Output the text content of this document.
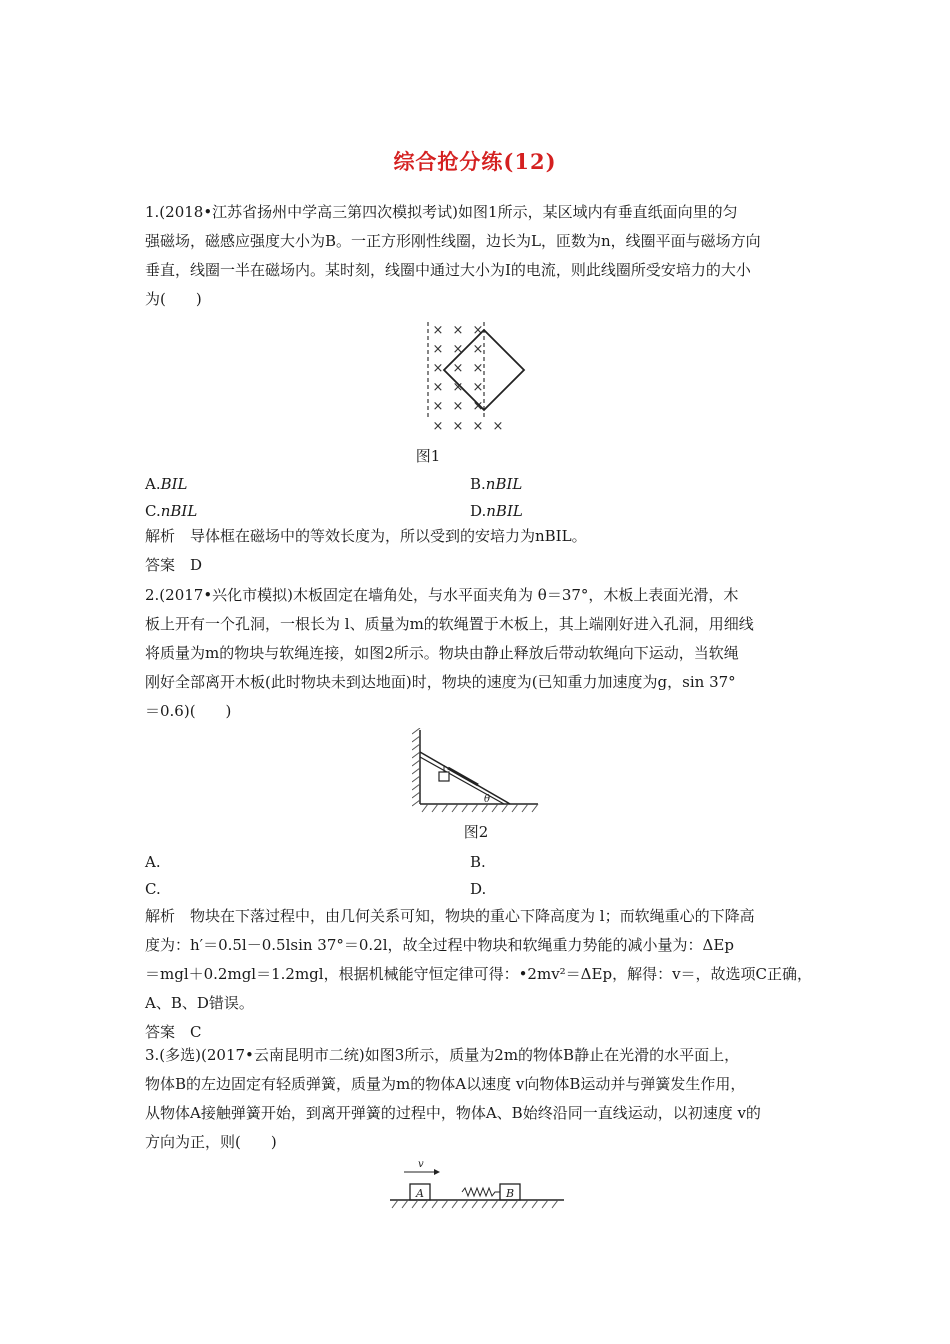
综合抢分练(12)
1.(2018•江苏省扬州中学高三第四次模拟考试)如图1所示，某区域内有垂直纸面向里的匀
强磁场，磁感应强度大小为B。一正方形刚性线圈，边长为L，匝数为n，线圈平面与磁场方向
垂直，线圈一半在磁场内。某时刻，线圈中通过大小为I的电流，则此线圈所受安培力的大小
为(　　)
× × ×
× × ×
× × ×
× × ×
× × ×
× × × ×
图1
A.BIL	B.nBIL
C.nBIL	D.nBIL
解析　导体框在磁场中的等效长度为，所以受到的安培力为nBIL。
答案　D
2.(2017•兴化市模拟)木板固定在墙角处，与水平面夹角为 θ＝37°，木板上表面光滑，木
板上开有一个孔洞，一根长为 l、质量为m的软绳置于木板上，其上端刚好进入孔洞，用细线
将质量为m的物块与软绳连接，如图2所示。物块由静止释放后带动软绳向下运动，当软绳
刚好全部离开木板(此时物块未到达地面)时，物块的速度为(已知重力加速度为g，sin 37°
＝0.6)(　　)
θ
图2
A.	B.
C.	D.
解析　物块在下落过程中，由几何关系可知，物块的重心下降高度为 l；而软绳重心的下降高
度为：h′＝0.5l－0.5lsin 37°＝0.2l，故全过程中物块和软绳重力势能的减小量为：ΔEp
＝mgl＋0.2mgl＝1.2mgl，根据机械能守恒定律可得：•2mv²＝ΔEp，解得：v＝，故选项C正确，
A、B、D错误。
答案　C
3.(多选)(2017•云南昆明市二统)如图3所示，质量为2m的物体B静止在光滑的水平面上，
物体B的左边固定有轻质弹簧，质量为m的物体A以速度 v向物体B运动并与弹簧发生作用，
从物体A接触弹簧开始，到离开弹簧的过程中，物体A、B始终沿同一直线运动，以初速度 v的
方向为正，则(　　)
v
A	B
